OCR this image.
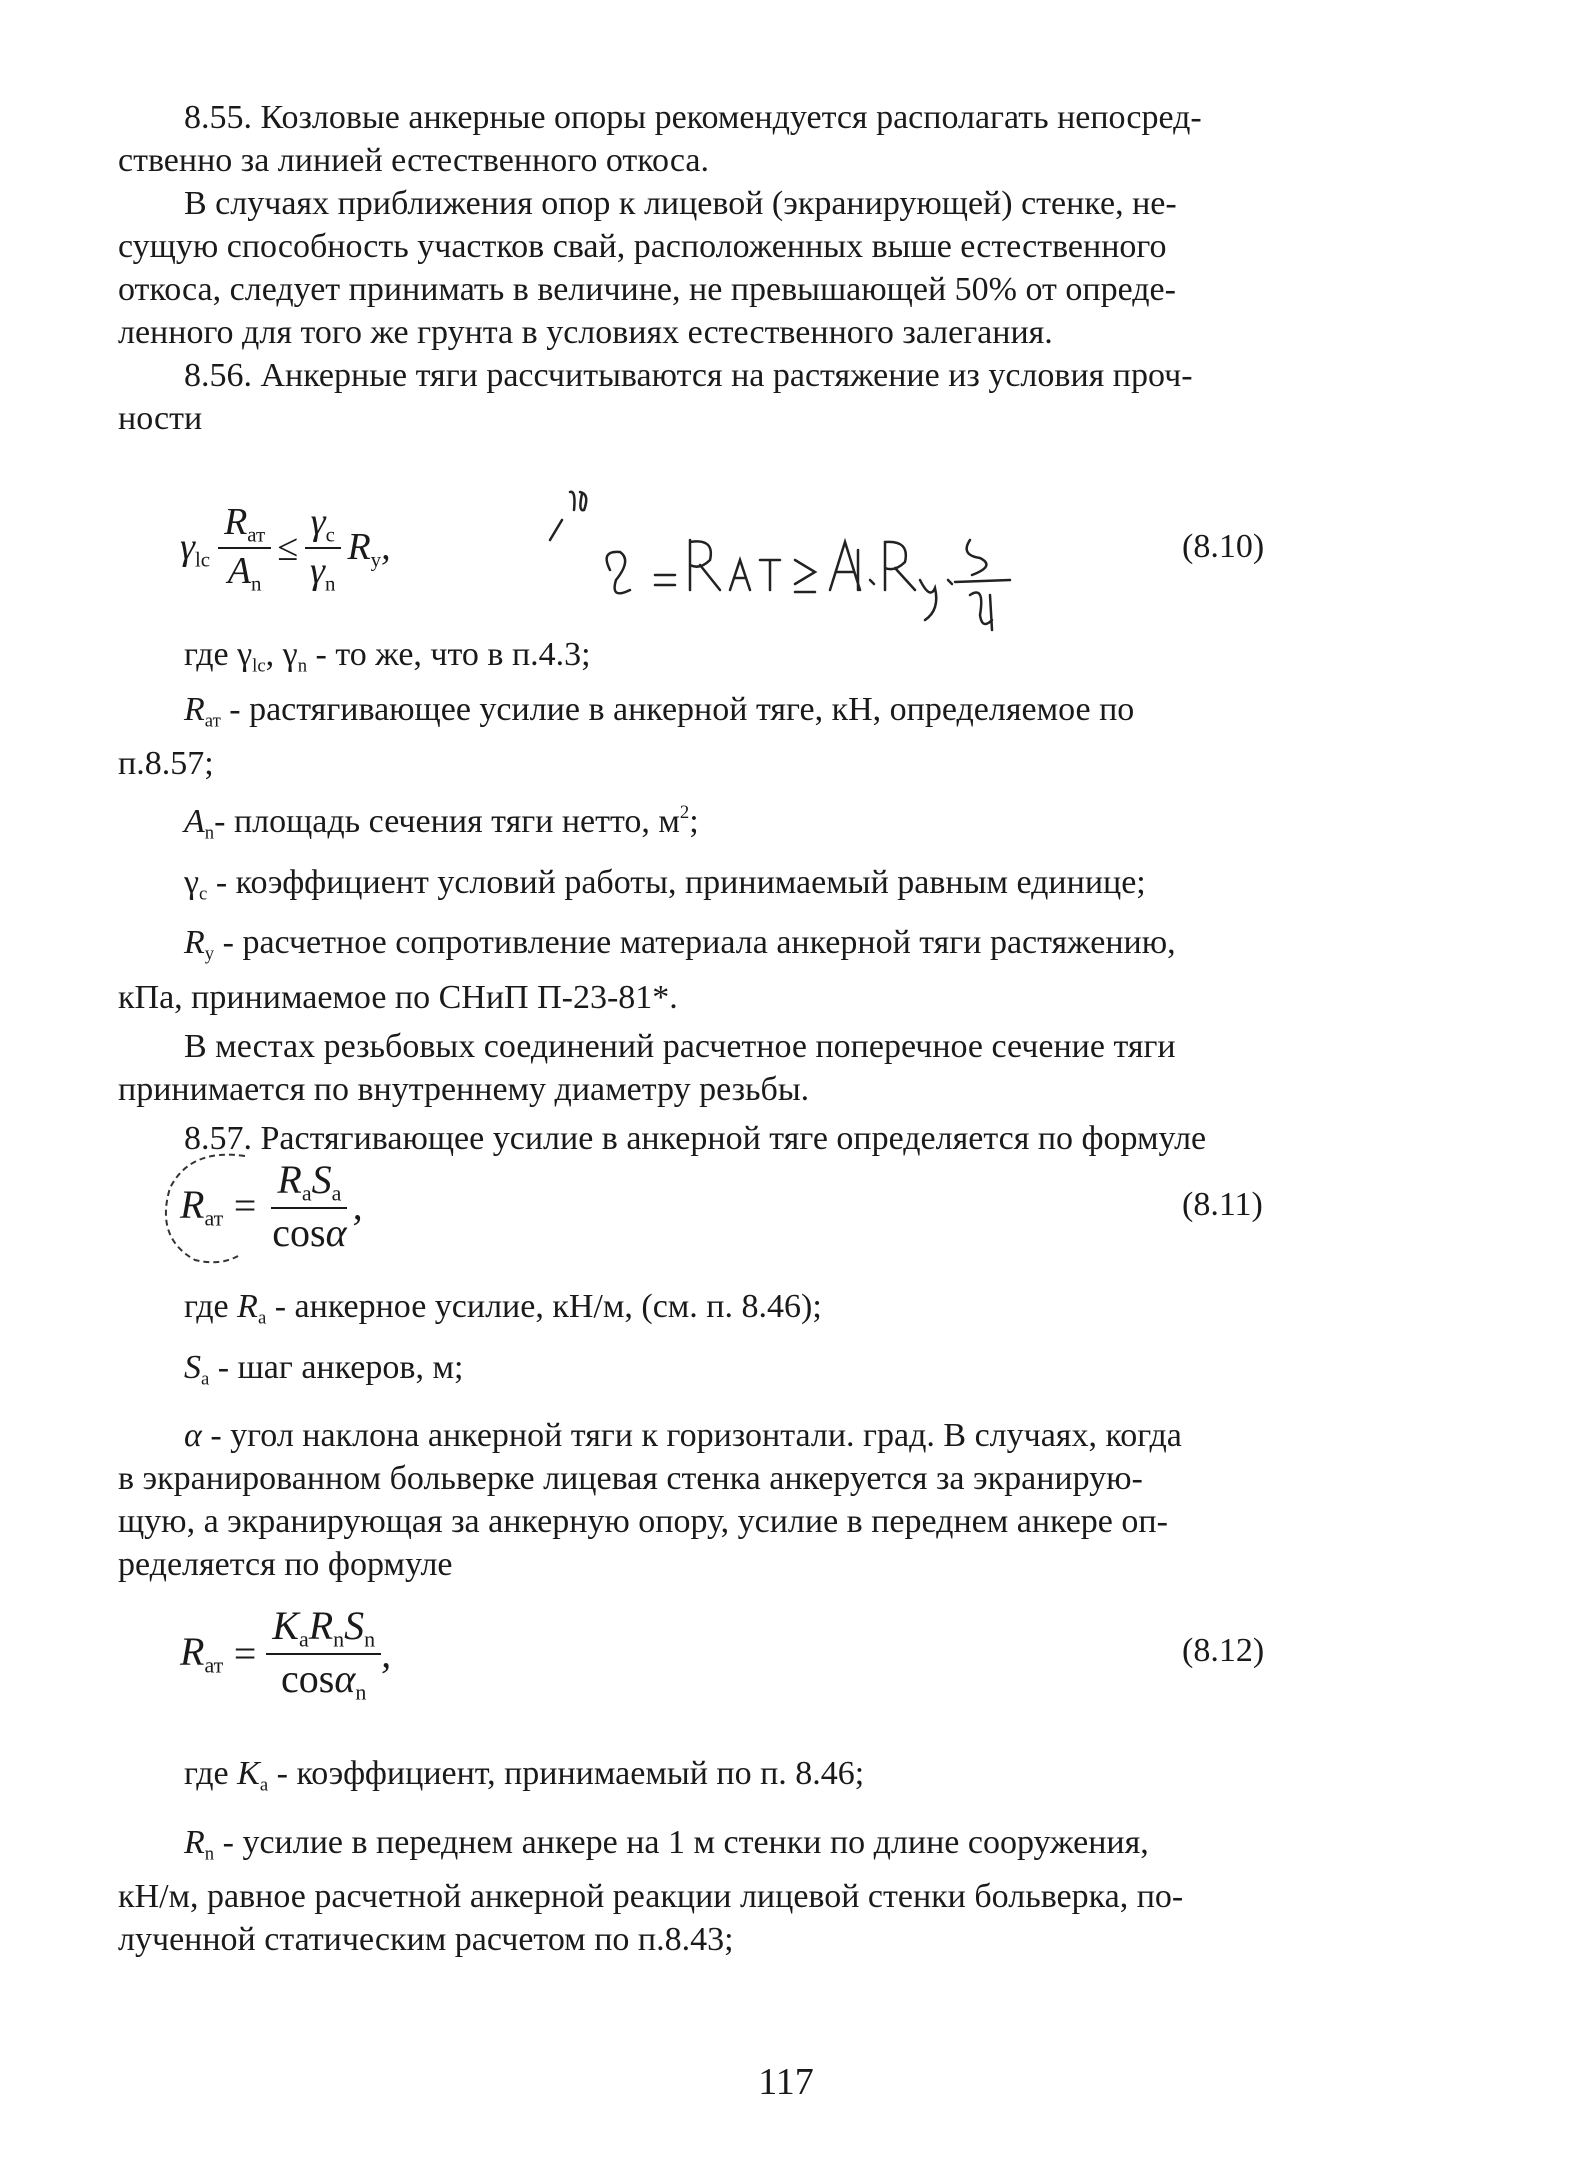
8.55. Козловые анкерные опоры рекомендуется располагать непосред-
ственно за линией естественного откоса.
В случаях приближения опор к лицевой (экранирующей) стенке, не-
сущую способность участков свай, расположенных выше естественного
откоса, следует принимать в величине, не превышающей 50% от опреде-
ленного для того же грунта в условиях естественного залегания.
8.56. Анкерные тяги рассчитываются на растяжение из условия проч-
ности
$\gamma_{lc} \frac{R_{ат}}{A_n} \le \frac{\gamma_c}{\gamma_n} R_y$,	(8.10)
где $\gamma_{lc}$, $\gamma_n$ - то же, что в п.4.3;
$R_{ат}$ - растягивающее усилие в анкерной тяге, кН, определяемое по
п.8.57;
$A_n-$ площадь сечения тяги нетто, $м^2$;
$\gamma_c$ - коэффициент условий работы, принимаемый равным единице;
$R_y$ - расчетное сопротивление материала анкерной тяги растяжению,
кПа, принимаемое по СНиП П-23-81*.
В местах резьбовых соединений расчетное поперечное сечение тяги
принимается по внутреннему диаметру резьбы.
8.57. Растягивающее усилие в анкерной тяге определяется по формуле
$R_{ат} = \frac{R_aS_a}{\cos\alpha}$ ,	(8.11)
где $R_a$ - анкерное усилие, кН/м, (см. п. 8.46);
$S_a$ - шаг анкеров, м;
α - угол наклона анкерной тяги к горизонтали. град. В случаях, когда
в экранированном больверке лицевая стенка анкеруется за экранирую-
щую, а экранирующая за анкерную опору, усилие в переднем анкере оп-
ределяется по формуле
$R_{ат} = \frac{K_aR_nS_n}{\cos\alpha_n}$ ,	(8.12)
где $K_a$ - коэффициент, принимаемый по п. 8.46;
$R_n$ - усилие в переднем анкере на 1 м стенки по длине сооружения,
кН/м, равное расчетной анкерной реакции лицевой стенки больверка, по-
лученной статическим расчетом по п.8.43;
117
